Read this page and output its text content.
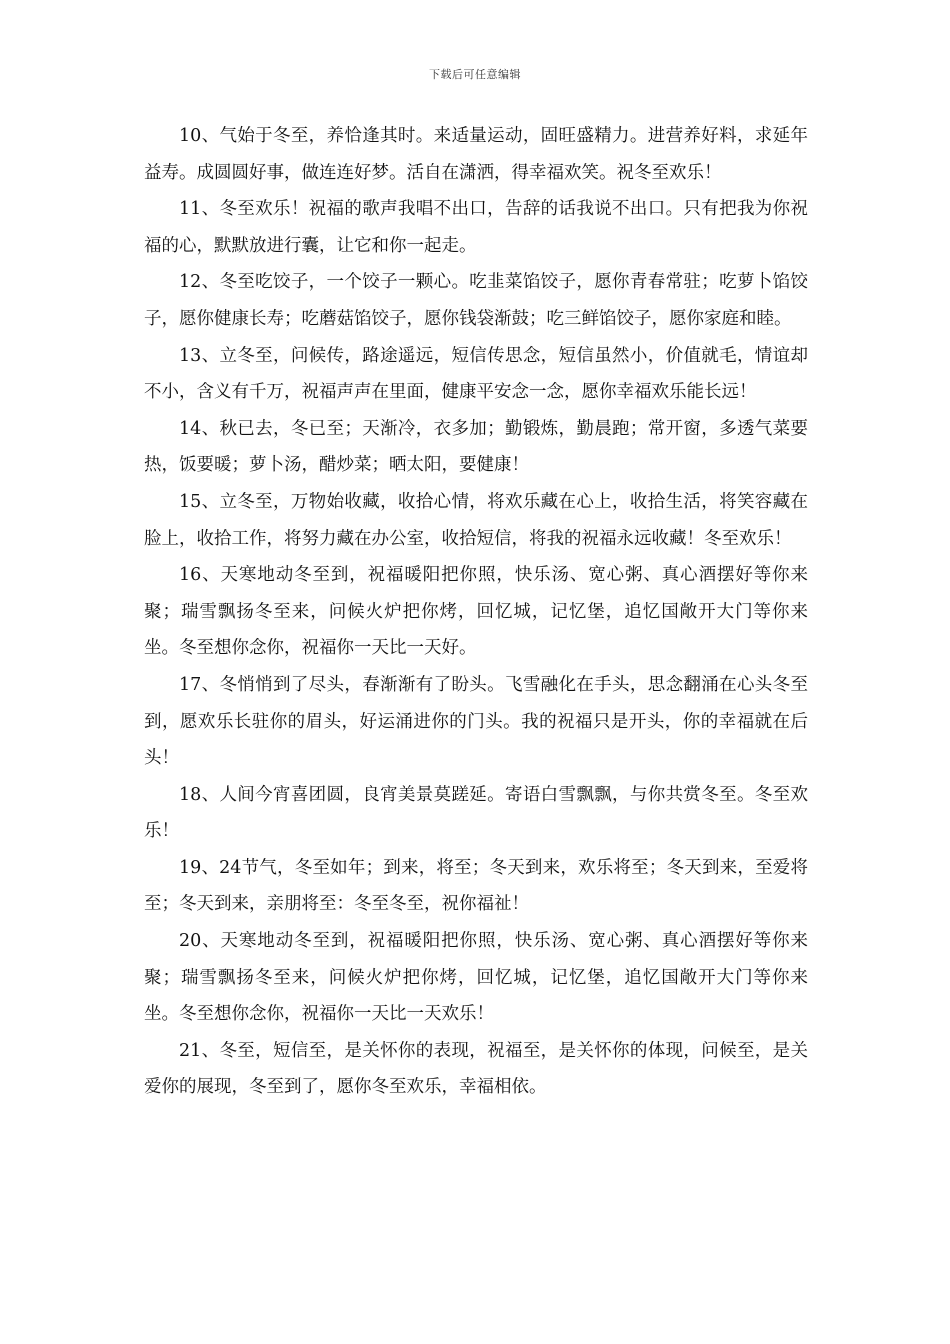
下载后可任意编辑

10、气始于冬至，养恰逢其时。来适量运动，固旺盛精力。进营养好料，求延年益寿。成圆圆好事，做连连好梦。活自在潇洒，得幸福欢笑。祝冬至欢乐！

11、冬至欢乐！祝福的歌声我唱不出口，告辞的话我说不出口。只有把我为你祝福的心，默默放进行囊，让它和你一起走。

12、冬至吃饺子，一个饺子一颗心。吃韭菜馅饺子，愿你青春常驻；吃萝卜馅饺子，愿你健康长寿；吃蘑菇馅饺子，愿你钱袋渐鼓；吃三鲜馅饺子，愿你家庭和睦。

13、立冬至，问候传，路途遥远，短信传思念，短信虽然小，价值就毛，情谊却不小，含义有千万，祝福声声在里面，健康平安念一念，愿你幸福欢乐能长远！

14、秋已去，冬已至；天渐冷，衣多加；勤锻炼，勤晨跑；常开窗，多透气菜要热，饭要暖；萝卜汤，醋炒菜；晒太阳，要健康！

15、立冬至，万物始收藏，收拾心情，将欢乐藏在心上，收拾生活，将笑容藏在脸上，收拾工作，将努力藏在办公室，收拾短信，将我的祝福永远收藏！冬至欢乐！

16、天寒地动冬至到，祝福暖阳把你照，快乐汤、宽心粥、真心酒摆好等你来聚；瑞雪飘扬冬至来，问候火炉把你烤，回忆城，记忆堡，追忆国敞开大门等你来坐。冬至想你念你，祝福你一天比一天好。

17、冬悄悄到了尽头，春渐渐有了盼头。飞雪融化在手头，思念翻涌在心头冬至到，愿欢乐长驻你的眉头，好运涌进你的门头。我的祝福只是开头，你的幸福就在后头！

18、人间今宵喜团圆，良宵美景莫蹉延。寄语白雪飘飘，与你共赏冬至。冬至欢乐！

19、24节气，冬至如年；到来，将至；冬天到来，欢乐将至；冬天到来，至爱将至；冬天到来，亲朋将至：冬至冬至，祝你福祉！

20、天寒地动冬至到，祝福暖阳把你照，快乐汤、宽心粥、真心酒摆好等你来聚；瑞雪飘扬冬至来，问候火炉把你烤，回忆城，记忆堡，追忆国敞开大门等你来坐。冬至想你念你，祝福你一天比一天欢乐！

21、冬至，短信至，是关怀你的表现，祝福至，是关怀你的体现，问候至，是关爱你的展现，冬至到了，愿你冬至欢乐，幸福相依。
